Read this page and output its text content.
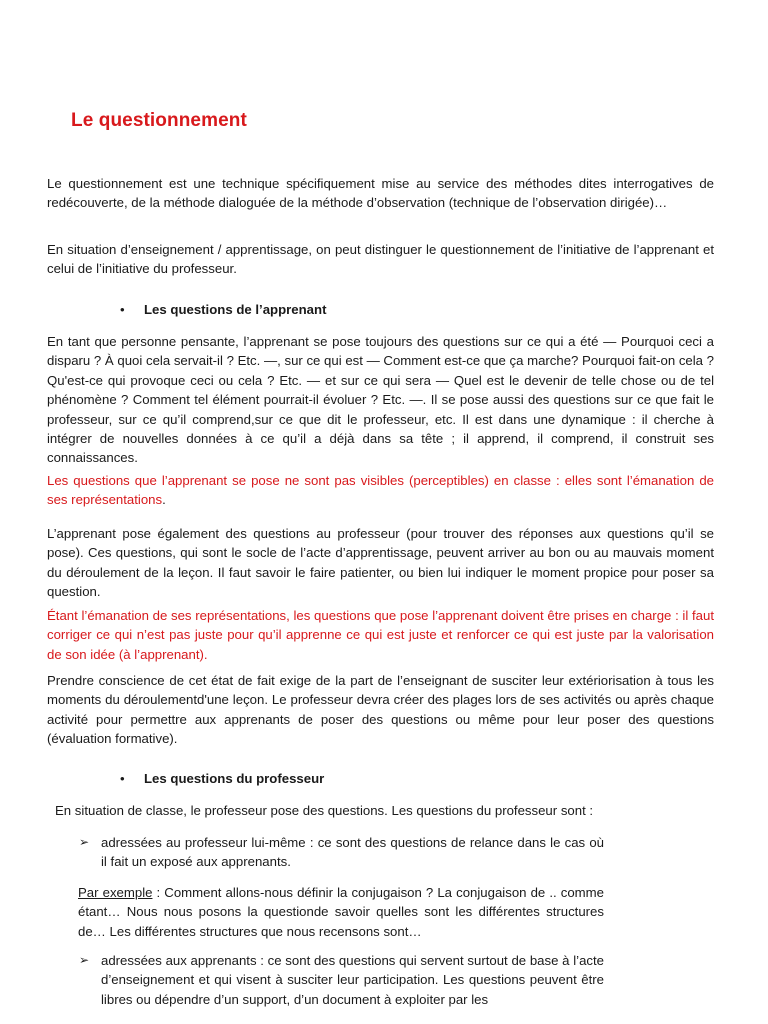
Le questionnement

Le questionnement est une technique spécifiquement mise au service des méthodes dites interrogatives de redécouverte, de la méthode dialoguée de la méthode d’observation (technique de l’observation dirigée)…

En situation d’enseignement / apprentissage, on peut distinguer le questionnement de l’initiative de l’apprenant et celui de l’initiative du professeur.

• Les questions de l’apprenant

En tant que personne pensante, l’apprenant se pose toujours des questions sur ce qui a été — Pourquoi ceci a disparu ? À quoi cela servait-il ? Etc. —, sur ce qui est — Comment est-ce que ça marche? Pourquoi fait-on cela ? Qu'est-ce qui provoque ceci ou cela ? Etc. — et sur ce qui sera — Quel est le devenir de telle chose ou de tel phénomène ? Comment tel élément pourrait-il évoluer ? Etc. —. Il se pose aussi des questions sur ce que fait le professeur, sur ce qu’il comprend,sur ce que dit le professeur, etc. Il est dans une dynamique : il cherche à intégrer de nouvelles données à ce qu’il a déjà dans sa tête ; il apprend, il comprend, il construit ses connaissances.

Les questions que l’apprenant se pose ne sont pas visibles (perceptibles) en classe : elles sont l’émanation de ses représentations.

L’apprenant pose également des questions au professeur (pour trouver des réponses aux questions qu’il se pose). Ces questions, qui sont le socle de l’acte d’apprentissage, peuvent arriver au bon ou au mauvais moment du déroulement de la leçon. Il faut savoir le faire patienter, ou bien lui indiquer le moment propice pour poser sa question.

Étant l’émanation de ses représentations, les questions que pose l’apprenant doivent être prises en charge : il faut corriger ce qui n’est pas juste pour qu’il apprenne ce qui est juste et renforcer ce qui est juste par la valorisation de son idée (à l’apprenant).

Prendre conscience de cet état de fait exige de la part de l’enseignant de susciter leur extériorisation à tous les moments du déroulementd'une leçon. Le professeur devra créer des plages lors de ses activités ou après chaque activité pour permettre aux apprenants de poser des questions ou même pour leur poser des questions (évaluation formative).

• Les questions du professeur

En situation de classe, le professeur pose des questions. Les questions du professeur sont :

➢ adressées au professeur lui-même : ce sont des questions de relance dans le cas où il fait un exposé aux apprenants.

Par exemple : Comment allons-nous définir la conjugaison ? La conjugaison de .. comme étant… Nous nous posons la questionde savoir quelles sont les différentes structures de… Les différentes structures que nous recensons sont…

➢ adressées aux apprenants : ce sont des questions qui servent surtout de base à l’acte d’enseignement et qui visent à susciter leur participation. Les questions peuvent être libres ou dépendre d’un support, d’un document à exploiter par les
